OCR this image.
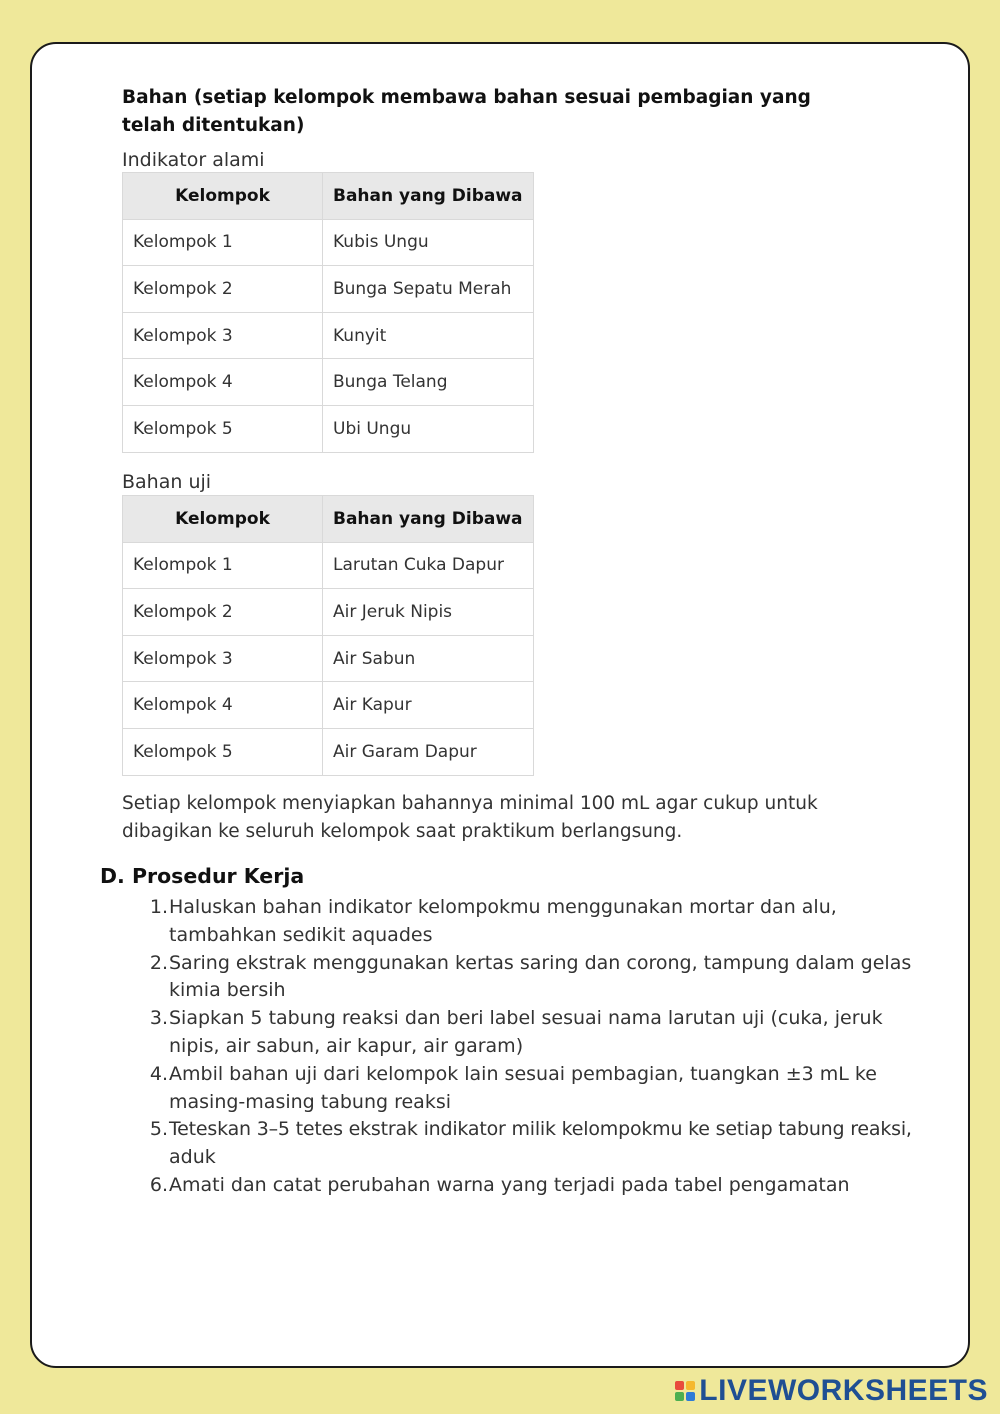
Bahan (setiap kelompok membawa bahan sesuai pembagian yang telah ditentukan)
Indikator alami
Kelompok	Bahan yang Dibawa
Kelompok 1	Kubis Ungu
Kelompok 2	Bunga Sepatu Merah
Kelompok 3	Kunyit
Kelompok 4	Bunga Telang
Kelompok 5	Ubi Ungu
Bahan uji
Kelompok	Bahan yang Dibawa
Kelompok 1	Larutan Cuka Dapur
Kelompok 2	Air Jeruk Nipis
Kelompok 3	Air Sabun
Kelompok 4	Air Kapur
Kelompok 5	Air Garam Dapur
Setiap kelompok menyiapkan bahannya minimal 100 mL agar cukup untuk dibagikan ke seluruh kelompok saat praktikum berlangsung.
D. Prosedur Kerja
1. Haluskan bahan indikator kelompokmu menggunakan mortar dan alu,
tambahkan sedikit aquades
2. Saring ekstrak menggunakan kertas saring dan corong, tampung dalam gelas
kimia bersih
3. Siapkan 5 tabung reaksi dan beri label sesuai nama larutan uji (cuka, jeruk
nipis, air sabun, air kapur, air garam)
4. Ambil bahan uji dari kelompok lain sesuai pembagian, tuangkan ±3 mL ke
masing-masing tabung reaksi
5. Teteskan 3–5 tetes ekstrak indikator milik kelompokmu ke setiap tabung reaksi,
aduk
6. Amati dan catat perubahan warna yang terjadi pada tabel pengamatan
LIVEWORKSHEETS
